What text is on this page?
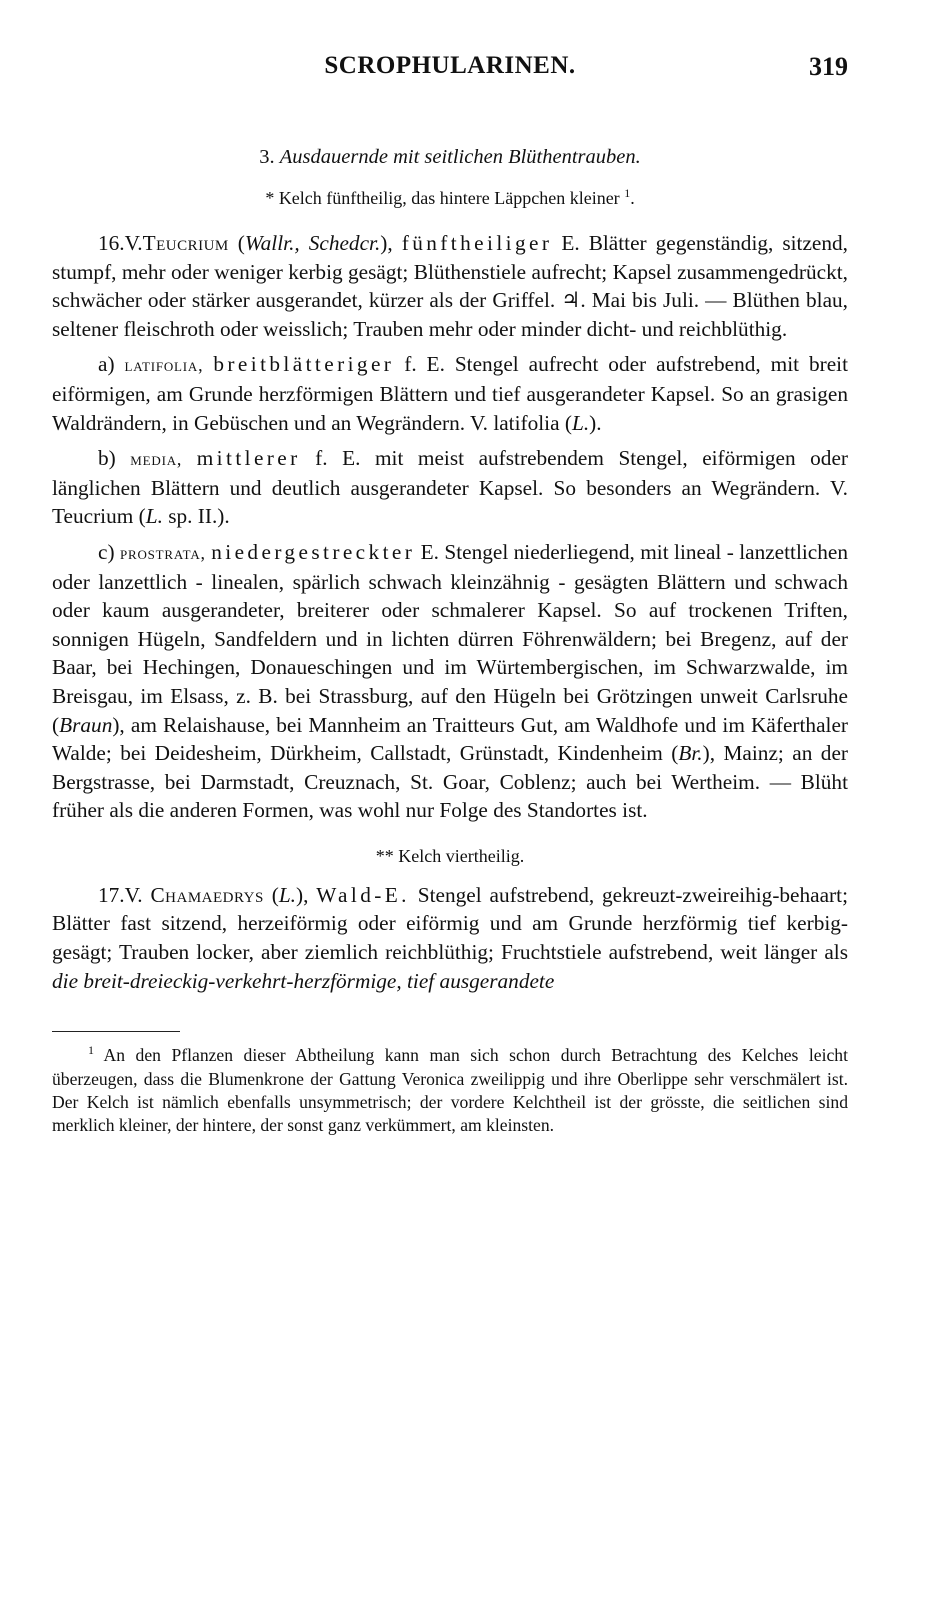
SCROPHULARINEN.	319
3. Ausdauernde mit seitlichen Blüthentrauben.
* Kelch fünftheilig, das hintere Läppchen kleiner $^1$.

16.V.Teucrium (Wallr., Schedcr.), fünftheiliger E. Blätter gegenständig, sitzend, stumpf, mehr oder weniger kerbig gesägt; Blüthenstiele aufrecht; Kapsel zusammengedrückt, schwächer oder stärker ausgerandet, kürzer als der Griffel. ♃. Mai bis Juli. — Blüthen blau, seltener fleischroth oder weisslich; Trauben mehr oder minder dicht- und reichblüthig.

a) latifolia, breitblätteriger f. E. Stengel aufrecht oder aufstrebend, mit breit eiförmigen, am Grunde herzförmigen Blättern und tief ausgerandeter Kapsel. So an grasigen Waldrändern, in Gebüschen und an Wegrändern. V. latifolia (L.).

b) media, mittlerer f. E. mit meist aufstrebendem Stengel, eiförmigen oder länglichen Blättern und deutlich ausgerandeter Kapsel. So besonders an Wegrändern. V. Teucrium (L. sp. II.).

c) prostrata, niedergestreckter E. Stengel niederliegend, mit lineal - lanzettlichen oder lanzettlich - linealen, spärlich schwach kleinzähnig - gesägten Blättern und schwach oder kaum ausgerandeter, breiterer oder schmalerer Kapsel. So auf trockenen Triften, sonnigen Hügeln, Sandfeldern und in lichten dürren Föhrenwäldern; bei Bregenz, auf der Baar, bei Hechingen, Donaueschingen und im Würtembergischen, im Schwarzwalde, im Breisgau, im Elsass, z. B. bei Strassburg, auf den Hügeln bei Grötzingen unweit Carlsruhe (Braun), am Relaishause, bei Mannheim an Traitteurs Gut, am Waldhofe und im Käferthaler Walde; bei Deidesheim, Dürkheim, Callstadt, Grünstadt, Kindenheim (Br.), Mainz; an der Bergstrasse, bei Darmstadt, Creuznach, St. Goar, Coblenz; auch bei Wertheim. — Blüht früher als die anderen Formen, was wohl nur Folge des Standortes ist.

** Kelch viertheilig.

17.V. Chamaedrys (L.), Wald-E. Stengel aufstrebend, gekreuzt-zweireihig-behaart; Blätter fast sitzend, herzeiförmig oder eiförmig und am Grunde herzförmig tief kerbig-gesägt; Trauben locker, aber ziemlich reichblüthig; Fruchtstiele aufstrebend, weit länger als die breit-dreieckig-verkehrt-herzförmige, tief ausgerandete

$^1$ An den Pflanzen dieser Abtheilung kann man sich schon durch Betrachtung des Kelches leicht überzeugen, dass die Blumenkrone der Gattung Veronica zweilippig und ihre Oberlippe sehr verschmälert ist. Der Kelch ist nämlich ebenfalls unsymmetrisch; der vordere Kelchtheil ist der grösste, die seitlichen sind merklich kleiner, der hintere, der sonst ganz verkümmert, am kleinsten.
